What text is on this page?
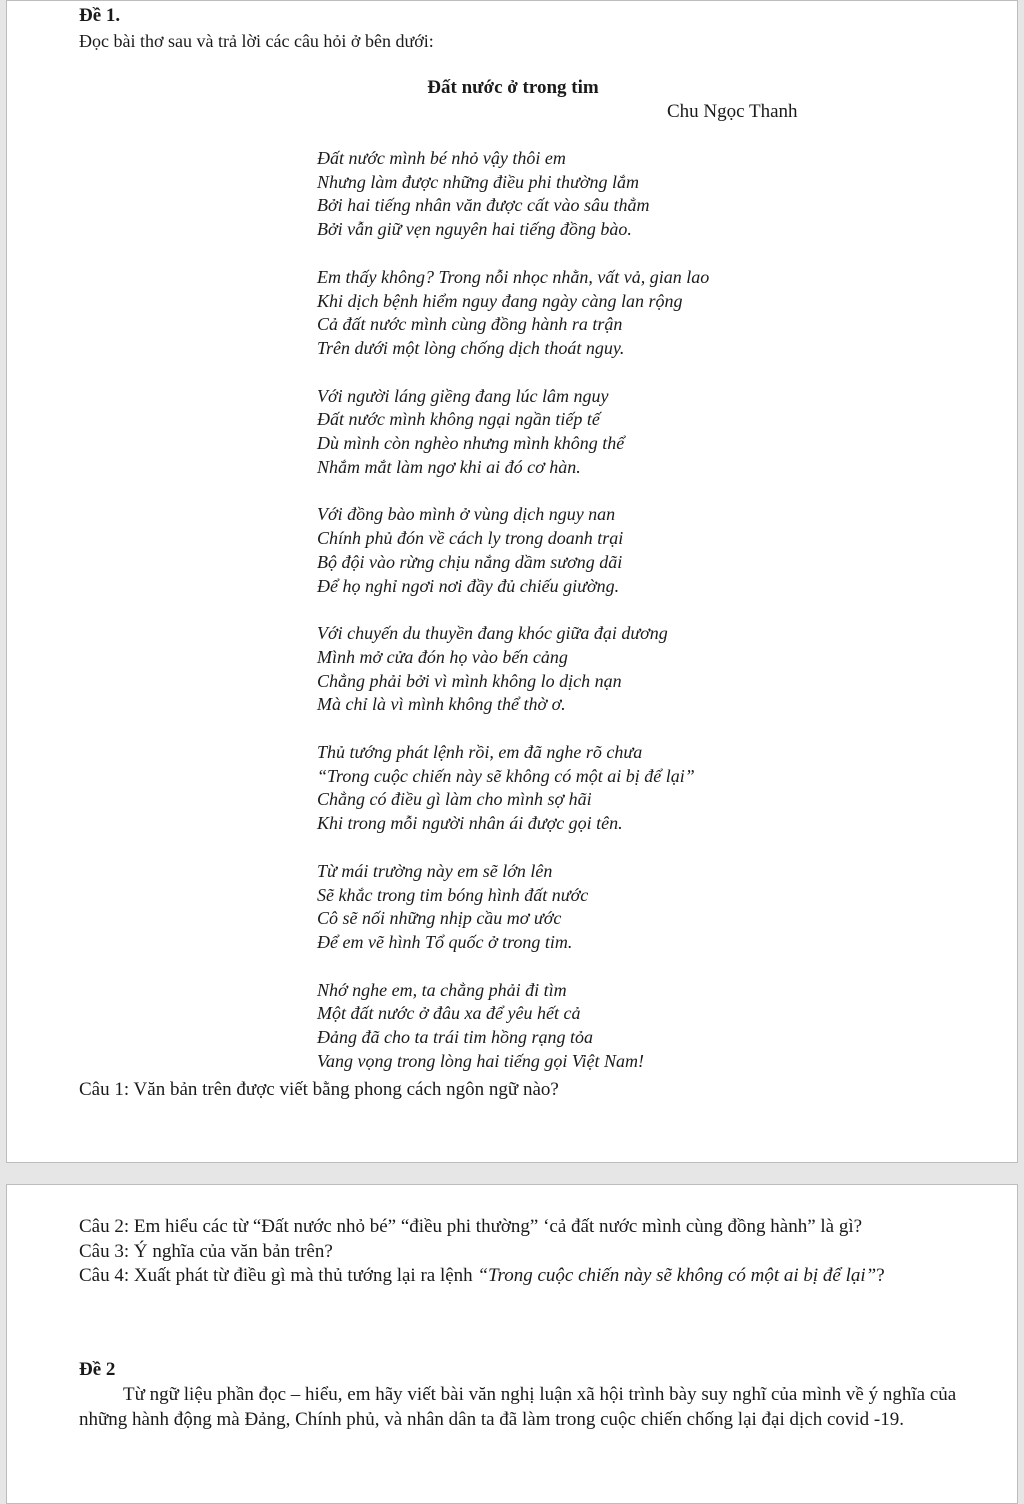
Đề 1.

Đọc bài thơ sau và trả lời các câu hỏi ở bên dưới:

Đất nước ở trong tim

Chu Ngọc Thanh

Đất nước mình bé nhỏ vậy thôi em
Nhưng làm được những điều phi thường lắm
Bởi hai tiếng nhân văn được cất vào sâu thẳm
Bởi vẫn giữ vẹn nguyên hai tiếng đồng bào.
Em thấy không? Trong nỗi nhọc nhằn, vất vả, gian lao
Khi dịch bệnh hiểm nguy đang ngày càng lan rộng
Cả đất nước mình cùng đồng hành ra trận
Trên dưới một lòng chống dịch thoát nguy.
Với người láng giềng đang lúc lâm nguy
Đất nước mình không ngại ngần tiếp tế
Dù mình còn nghèo nhưng mình không thể
Nhắm mắt làm ngơ khi ai đó cơ hàn.
Với đồng bào mình ở vùng dịch nguy nan
Chính phủ đón về cách ly trong doanh trại
Bộ đội vào rừng chịu nắng dầm sương dãi
Để họ nghỉ ngơi nơi đầy đủ chiếu giường.
Với chuyến du thuyền đang khóc giữa đại dương
Mình mở cửa đón họ vào bến cảng
Chẳng phải bởi vì mình không lo dịch nạn
Mà chỉ là vì mình không thể thờ ơ.
Thủ tướng phát lệnh rồi, em đã nghe rõ chưa
“Trong cuộc chiến này sẽ không có một ai bị để lại”
Chẳng có điều gì làm cho mình sợ hãi
Khi trong mỗi người nhân ái được gọi tên.
Từ mái trường này em sẽ lớn lên
Sẽ khắc trong tim bóng hình đất nước
Cô sẽ nối những nhịp cầu mơ ước
Để em vẽ hình Tổ quốc ở trong tim.
Nhớ nghe em, ta chẳng phải đi tìm
Một đất nước ở đâu xa để yêu hết cả
Đảng đã cho ta trái tim hồng rạng tỏa
Vang vọng trong lòng hai tiếng gọi Việt Nam!

Câu 1: Văn bản trên được viết bằng phong cách ngôn ngữ nào?

Câu 2: Em hiểu các từ “Đất nước nhỏ bé” “điều phi thường” ‘cả đất nước mình cùng đồng hành” là gì?

Câu 3: Ý nghĩa của văn bản trên?

Câu 4: Xuất phát từ điều gì mà thủ tướng lại ra lệnh “Trong cuộc chiến này sẽ không có một ai bị để lại”?

Đề 2

Từ ngữ liệu phần đọc – hiểu, em hãy viết bài văn nghị luận xã hội trình bày suy nghĩ của mình về ý nghĩa của những hành động mà Đảng, Chính phủ, và nhân dân ta đã làm trong cuộc chiến chống lại đại dịch covid -19.
